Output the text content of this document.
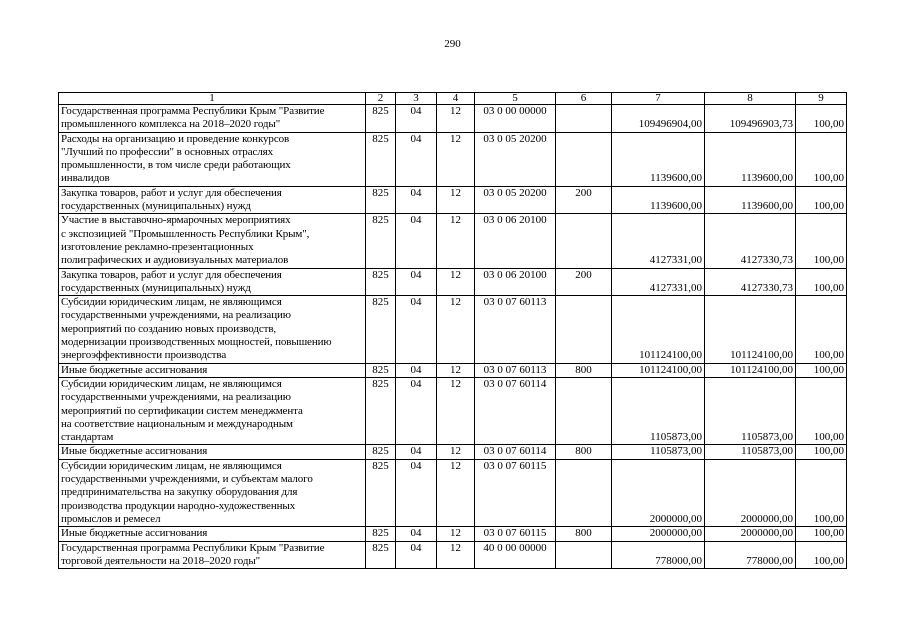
290
1	2	3	4	5	6	7	8	9
Государственная программа Республики Крым "Развитие
промышленного комплекса на 2018–2020 годы"	825	04	12	03 0 00 00000		109496904,00	109496903,73	100,00
Расходы на организацию и проведение конкурсов
"Лучший по профессии" в основных отраслях
промышленности, в том числе среди работающих
инвалидов	825	04	12	03 0 05 20200		1139600,00	1139600,00	100,00
Закупка товаров, работ и услуг для обеспечения
государственных (муниципальных) нужд	825	04	12	03 0 05 20200	200	1139600,00	1139600,00	100,00
Участие в выставочно-ярмарочных мероприятиях
с экспозицией "Промышленность Республики Крым",
изготовление рекламно-презентационных
полиграфических и аудиовизуальных материалов	825	04	12	03 0 06 20100		4127331,00	4127330,73	100,00
Закупка товаров, работ и услуг для обеспечения
государственных (муниципальных) нужд	825	04	12	03 0 06 20100	200	4127331,00	4127330,73	100,00
Субсидии юридическим лицам, не являющимся
государственными учреждениями, на реализацию
мероприятий по созданию новых производств,
модернизации производственных мощностей, повышению
энергоэффективности производства	825	04	12	03 0 07 60113		101124100,00	101124100,00	100,00
Иные бюджетные ассигнования	825	04	12	03 0 07 60113	800	101124100,00	101124100,00	100,00
Субсидии юридическим лицам, не являющимся
государственными учреждениями, на реализацию
мероприятий по сертификации систем менеджмента
на соответствие национальным и международным
стандартам	825	04	12	03 0 07 60114		1105873,00	1105873,00	100,00
Иные бюджетные ассигнования	825	04	12	03 0 07 60114	800	1105873,00	1105873,00	100,00
Субсидии юридическим лицам, не являющимся
государственными учреждениями, и субъектам малого
предпринимательства на закупку оборудования для
производства продукции народно-художественных
промыслов и ремесел	825	04	12	03 0 07 60115		2000000,00	2000000,00	100,00
Иные бюджетные ассигнования	825	04	12	03 0 07 60115	800	2000000,00	2000000,00	100,00
Государственная программа Республики Крым "Развитие
торговой деятельности на 2018–2020 годы"	825	04	12	40 0 00 00000		778000,00	778000,00	100,00
